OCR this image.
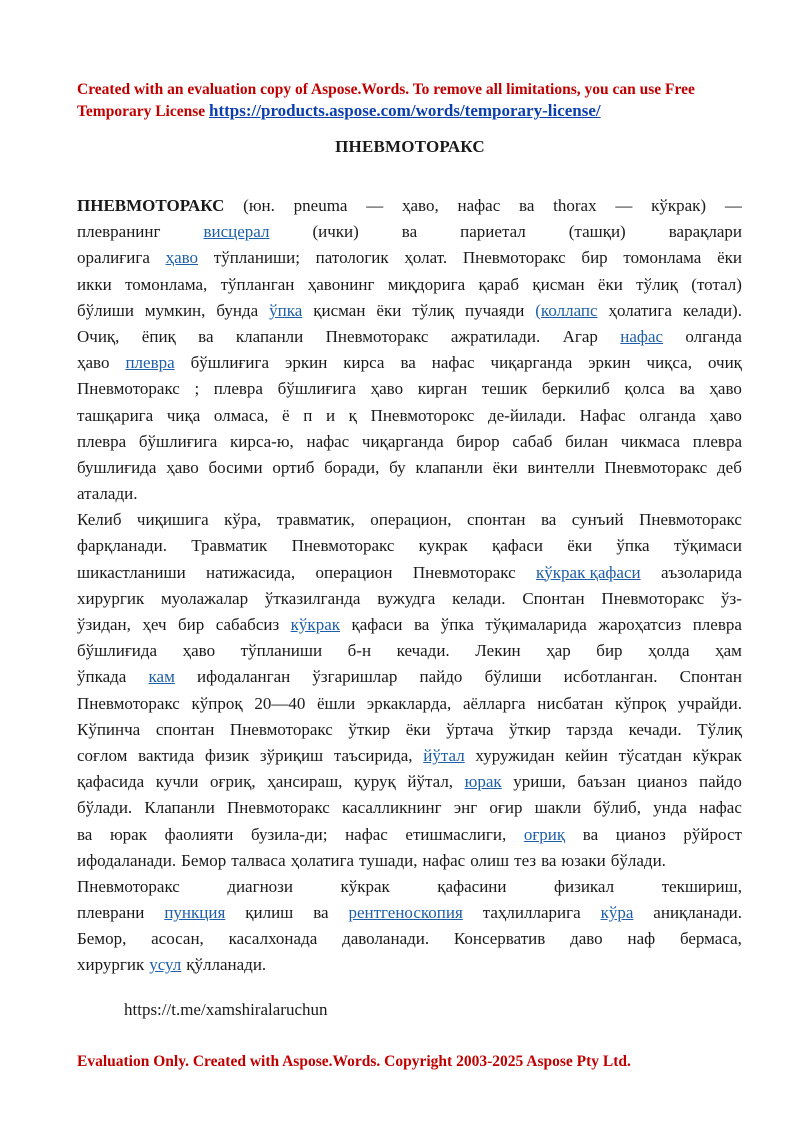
Created with an evaluation copy of Aspose.Words. To remove all limitations, you can use Free Temporary License https://products.aspose.com/words/temporary-license/
ПНЕВМОТОРАКС
ПНЕВМОТОРАКС (юн. pneuma — ҳаво, нафас ва thorax — кўкрак) —
плевранинг	висцерал	(ички)	ва	париетал	(ташқи)	варақлари
оралиғига ҳаво тўпланиши; патологик ҳолат. Пневмоторакс бир томонлама ёки
икки томонлама, тўпланган ҳавонинг миқдорига қараб қисман ёки тўлиқ (тотал)
бўлиши мумкин, бунда ўпка қисман ёки тўлиқ пучаяди (коллапс ҳолатига келади).
Очиқ, ёпиқ ва клапанли Пневмоторакс ажратилади. Агар нафас олганда
ҳаво плевра бўшлиғига эркин кирса ва нафас чиқарганда эркин чиқса, очиқ
Пневмоторакс ; плевра бўшлиғига ҳаво кирган тешик беркилиб қолса ва ҳаво
ташқарига чиқа олмаса, ё п и қ Пневмоторокс де-йилади. Нафас олганда ҳаво
плевра бўшлиғига кирса-ю, нафас чиқарганда бирор сабаб билан чикмаса плевра
бушлиғида ҳаво босими ортиб боради, бу клапанли ёки винтелли Пневмоторакс деб
аталади.
Келиб чиқишига кўра, травматик, операцион, спонтан ва сунъий Пневмоторакс
фарқланади. Травматик Пневмоторакс кукрак қафаси ёки ўпка тўқимаси
шикастланиши натижасида, операцион Пневмоторакс кўкрак қафаси аъзоларида
хирургик муолажалар ўтказилганда вужудга келади. Спонтан Пневмоторакс ўз-
ўзидан, ҳеч бир сабабсиз кўкрак қафаси ва ўпка тўқималарида жароҳатсиз плевра
бўшлиғида ҳаво тўпланиши б-н кечади. Лекин ҳар бир ҳолда ҳам
ўпкада кам ифодаланган ўзгаришлар пайдо бўлиши исботланган. Спонтан
Пневмоторакс кўпроқ 20—40 ёшли эркакларда, аёлларга нисбатан кўпроқ учрайди.
Кўпинча спонтан Пневмоторакс ўткир ёки ўртача ўткир тарзда кечади. Тўлиқ
соғлом вактида физик зўриқиш таъсирида, йўтал хуружидан кейин тўсатдан кўкрак
қафасида кучли оғриқ, ҳансираш, қуруқ йўтал, юрак уриши, баъзан цианоз пайдо
бўлади. Клапанли Пневмоторакс касалликнинг энг оғир шакли бўлиб, унда нафас
ва юрак фаолияти бузила-ди; нафас етишмаслиги, оғриқ ва цианоз рўйрост
ифодаланади. Бемор талваса ҳолатига тушади, нафас олиш тез ва юзаки бўлади.
Пневмоторакс	диагнози	кўкрак	қафасини	физикал	текшириш,
плеврани пункция қилиш ва рентгеноскопия таҳлилларига кўра аниқланади.
Бемор, асосан, касалхонада даволанади. Консерватив даво наф бермаса,
хирургик усул қўлланади.
https://t.me/xamshiralaruchun
Evaluation Only. Created with Aspose.Words. Copyright 2003-2025 Aspose Pty Ltd.
